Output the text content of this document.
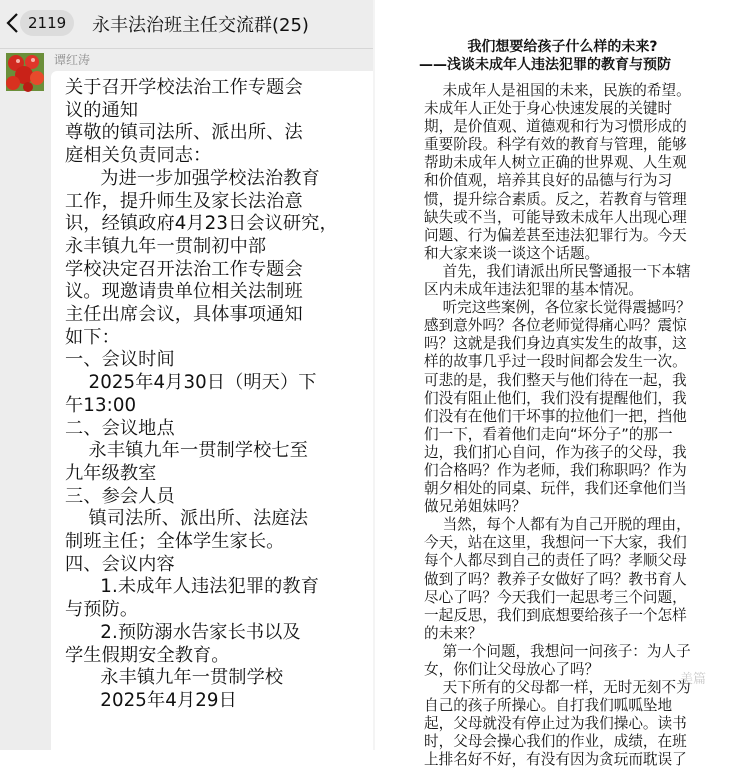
2119	永丰法治班主任交流群(25)
谭红涛
关于召开学校法治工作专题会
议的通知
尊敬的镇司法所、派出所、法
庭相关负责同志：
为进一步加强学校法治教育
工作，提升师生及家长法治意
识，经镇政府4月23日会议研究，
永丰镇九年一贯制初中部
学校决定召开法治工作专题会
议。现邀请贵单位相关法制班
主任出席会议，具体事项通知
如下：
一、会议时间
2025年4月30日（明天）下
午13:00
二、会议地点
永丰镇九年一贯制学校七至
九年级教室
三、参会人员
镇司法所、派出所、法庭法
制班主任；全体学生家长。
四、会议内容
1.未成年人违法犯罪的教育
与预防。
2.预防溺水告家长书以及
学生假期安全教育。
永丰镇九年一贯制学校
2025年4月29日
我们想要给孩子什么样的未来?
——浅谈未成年人违法犯罪的教育与预防
未成年人是祖国的未来，民族的希望。
未成年人正处于身心快速发展的关键时
期，是价值观、道德观和行为习惯形成的
重要阶段。科学有效的教育与管理，能够
帮助未成年人树立正确的世界观、人生观
和价值观，培养其良好的品德与行为习
惯，提升综合素质。反之，若教育与管理
缺失或不当，可能导致未成年人出现心理
问题、行为偏差甚至违法犯罪行为。今天
和大家来谈一谈这个话题。
首先，我们请派出所民警通报一下本辖
区内未成年违法犯罪的基本情况。
听完这些案例，各位家长觉得震撼吗？
感到意外吗？各位老师觉得痛心吗？震惊
吗？这就是我们身边真实发生的故事，这
样的故事几乎过一段时间都会发生一次。
可悲的是，我们整天与他们待在一起，我
们没有阻止他们，我们没有提醒他们，我
们没有在他们干坏事的拉他们一把，挡他
们一下，看着他们走向“坏分子”的那一
边，我们扪心自问，作为孩子的父母，我
们合格吗？作为老师，我们称职吗？作为
朝夕相处的同桌、玩伴，我们还拿他们当
做兄弟姐妹吗？
当然，每个人都有为自己开脱的理由，
今天，站在这里，我想问一下大家，我们
每个人都尽到自己的责任了吗？孝顺父母
做到了吗？教养子女做好了吗？教书育人
尽心了吗？今天我们一起思考三个问题，
一起反思，我们到底想要给孩子一个怎样
的未来？
第一个问题，我想问一问孩子：为人子
女，你们让父母放心了吗？
天下所有的父母都一样，无时无刻不为
自己的孩子所操心。自打我们呱呱坠地
起，父母就没有停止过为我们操心。读书
时，父母会操心我们的作业，成绩，在班
上排名好不好，有没有因为贪玩而耽误了
美篇
